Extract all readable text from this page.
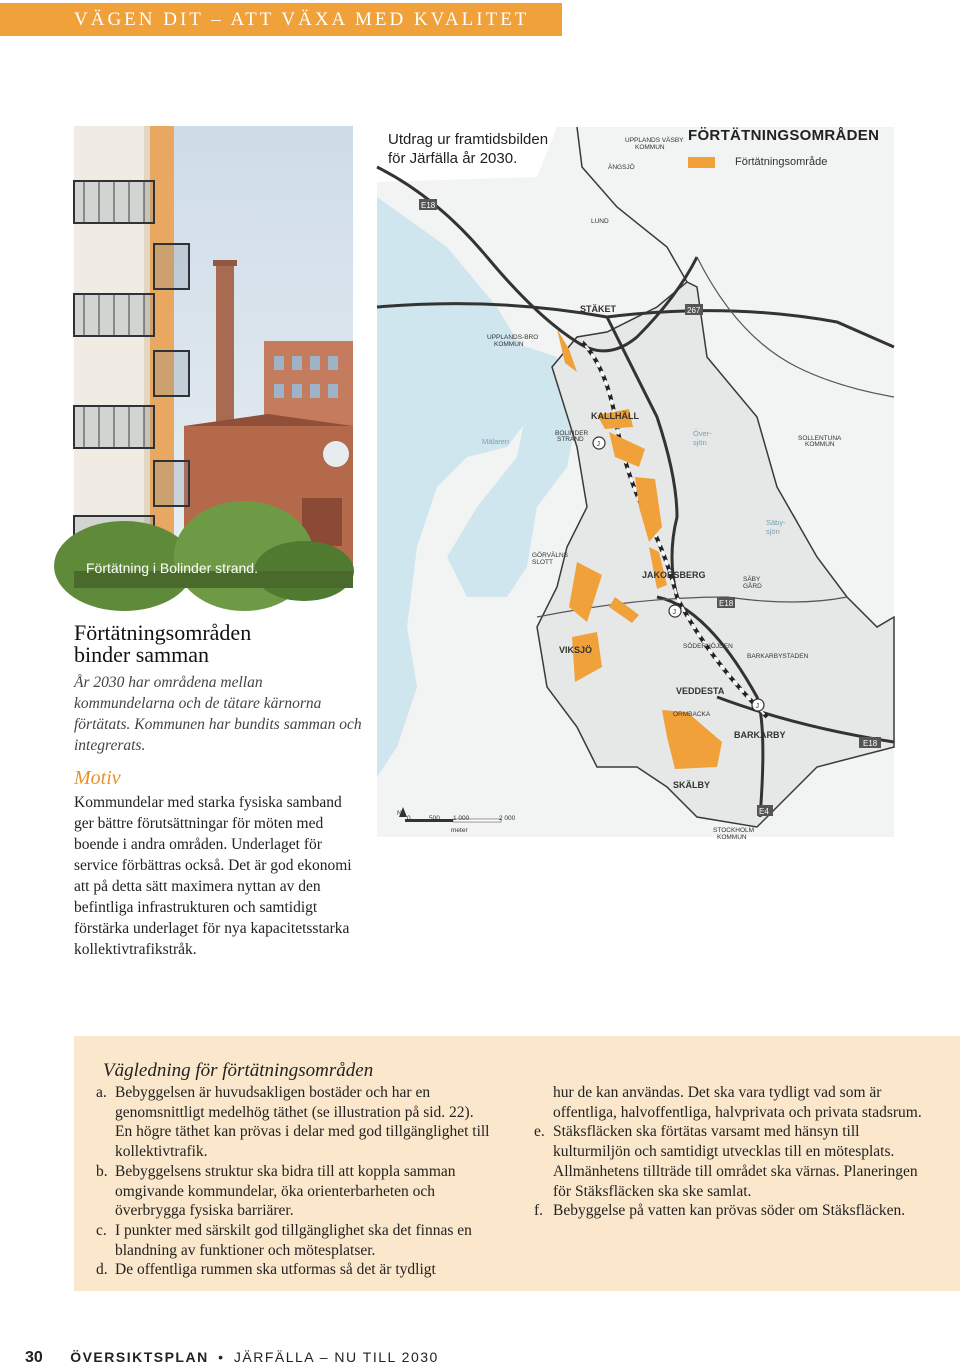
VÄGEN DIT – ATT VÄXA MED KVALITET
Förtätning i Bolinder strand.
UPPLANDS VÄSBY
KOMMUN
ÄNGSJÖ
LUND
UPPLANDS-BRO
KOMMUN
BOLINDER
STRAND	SOLLENTUNA
KOMMUN
GÖRVÄLNS
SLOTT
SÄBY
GÅRD
SÖDERHÖJDEN
BARKARBYSTADEN
ORMBACKA
STOCKHOLM
KOMMUN
N
0	500 1 000	2 000
meter
STÄKET
KALLHÄLL
JAKOBSBERG
VIKSJÖ
VEDDESTA
BARKARBY
SKÄLBY
Mälaren
Över-
sjön
Säby-
sjön
E18
267
E18
E18
E4
J
J
J
Utdrag ur framtidsbilden
för Järfälla år 2030.
FÖRTÄTNINGSOMRÅDEN
Förtätningsområde
Förtätningsområden
binder samman
År 2030 har områdena mellan kommundelarna och de tätare kärnorna förtätats. Kommunen har bundits samman och integrerats.
Motiv
Kommundelar med starka fysiska samband ger bättre förutsättningar för möten med boende i andra områden. Underlaget för service förbättras också. Det är god ekonomi att på detta sätt maximera nyttan av den befintliga infrastrukturen och samtidigt förstärka underlaget för nya kapacitetsstarka kollektivtrafikstråk.
Vägledning för förtätningsområden
a. Bebyggelsen är huvudsakligen bostäder och har en genomsnittligt medelhög täthet (se illustration på sid. 22). En högre täthet kan prövas i delar med god tillgänglighet till kollektivtrafik.
b. Bebyggelsens struktur ska bidra till att koppla samman omgivande kommundelar, öka orienterbarheten och överbrygga fysiska barriärer.
c. I punkter med särskilt god tillgänglighet ska det finnas en blandning av funktioner och mötesplatser.
d. De offentliga rummen ska utformas så det är tydligt
hur de kan användas. Det ska vara tydligt vad som är offentliga, halvoffentliga, halvprivata och privata stadsrum.
e. Stäksfläcken ska förtätas varsamt med hänsyn till kulturmiljön och samtidigt utvecklas till en mötesplats. Allmänhetens tillträde till området ska värnas. Planeringen för Stäksfläcken ska ske samlat.
f. Bebyggelse på vatten kan prövas söder om Stäksfläcken.
30 ÖVERSIKTSPLAN • JÄRFÄLLA – NU TILL 2030
